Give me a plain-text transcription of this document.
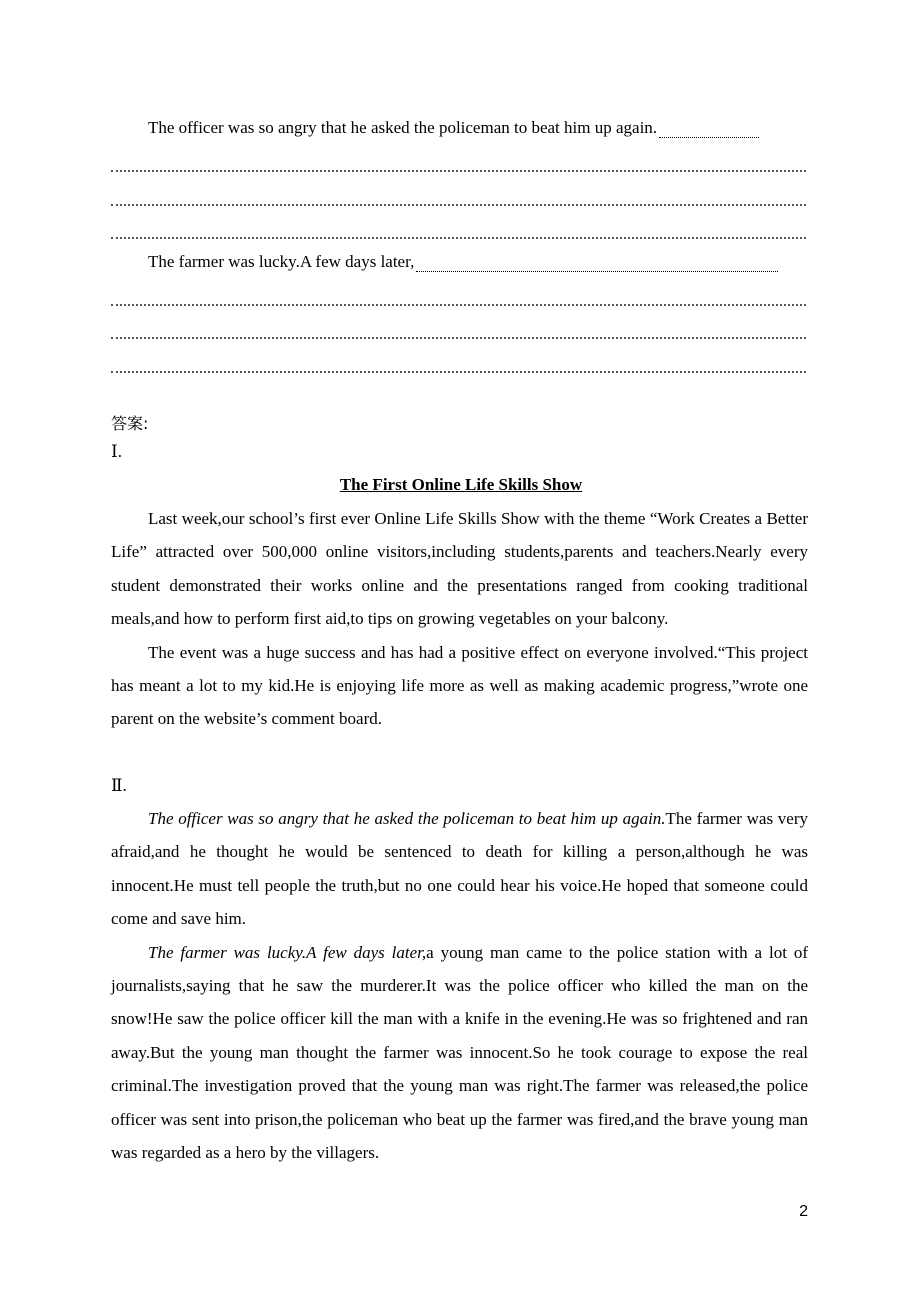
The officer was so angry that he asked the policeman to beat him up again.
The farmer was lucky.A few days later,
答案:
Ⅰ.
The First Online Life Skills Show

Last week,our school’s first ever Online Life Skills Show with the theme “Work Creates a Better Life” attracted over 500,000 online visitors,including students,parents and teachers.Nearly every student demonstrated their works online and the presentations ranged from cooking traditional meals,and how to perform first aid,to tips on growing vegetables on your balcony.

The event was a huge success and has had a positive effect on everyone involved.“This project has meant a lot to my kid.He is enjoying life more as well as making academic progress,”wrote one parent on the website’s comment board.

Ⅱ.

The officer was so angry that he asked the policeman to beat him up again.The farmer was very afraid,and he thought he would be sentenced to death for killing a person,although he was innocent.He must tell people the truth,but no one could hear his voice.He hoped that someone could come and save him.

The farmer was lucky.A few days later,a young man came to the police station with a lot of journalists,saying that he saw the murderer.It was the police officer who killed the man on the snow!He saw the police officer kill the man with a knife in the evening.He was so frightened and ran away.But the young man thought the farmer was innocent.So he took courage to expose the real criminal.The investigation proved that the young man was right.The farmer was released,the police officer was sent into prison,the policeman who beat up the farmer was fired,and the brave young man was regarded as a hero by the villagers.

2
